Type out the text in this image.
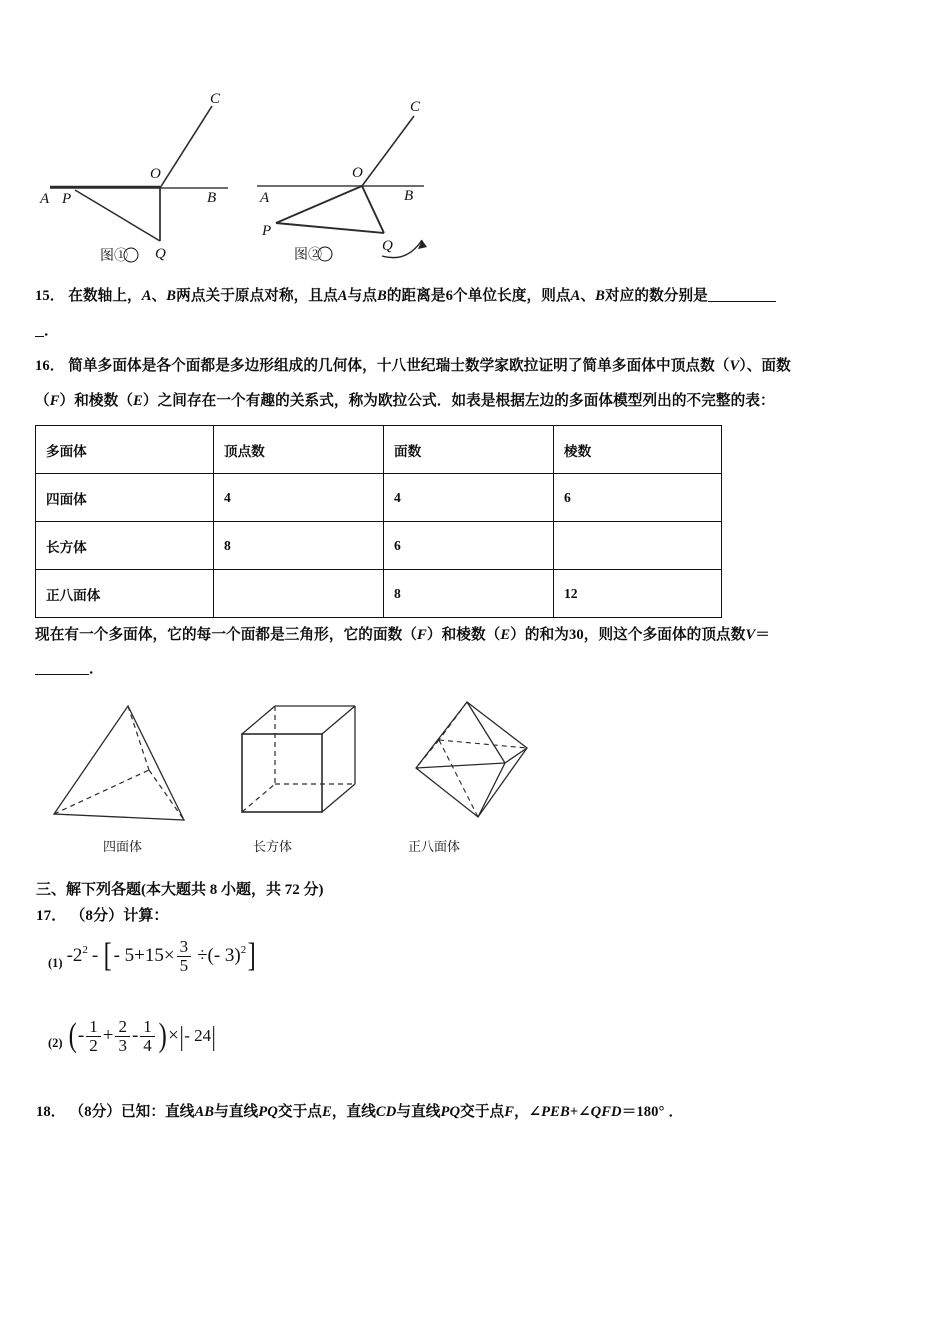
A P
O
B
C
Q
图①
A
P
O
B
C
Q
图②
15． 在数轴上，A、B两点关于原点对称，且点A与点B的距离是6个单位长度，则点A、B对应的数分别是
．
16． 简单多面体是各个面都是多边形组成的几何体，十八世纪瑞士数学家欧拉证明了简单多面体中顶点数（V）、面数
（F）和棱数（E）之间存在一个有趣的关系式，称为欧拉公式．如表是根据左边的多面体模型列出的不完整的表：
多面体	顶点数	面数	棱数
四面体	4	4	6
长方体	8	6	
正八面体		8	12
现在有一个多面体，它的每一个面都是三角形，它的面数（F）和棱数（E）的和为30，则这个多面体的顶点数V＝
．
四面体	长方体	正八面体
三、解下列各题(本大题共 8 小题，共 72 分)
17． （8分）计算：
(1) - 2 2 - [ - $5 + 15 \times \frac{3}{5}$ ÷ ( - 3 ) 2 ]
(2) ( - $\frac{1}{2} + \frac{2}{3} - \frac{1}{4}$ ) × | - 24 |
18． （8分）已知：直线AB与直线PQ交于点E，直线CD与直线PQ交于点F，∠PEB+∠QFD＝180° ．
